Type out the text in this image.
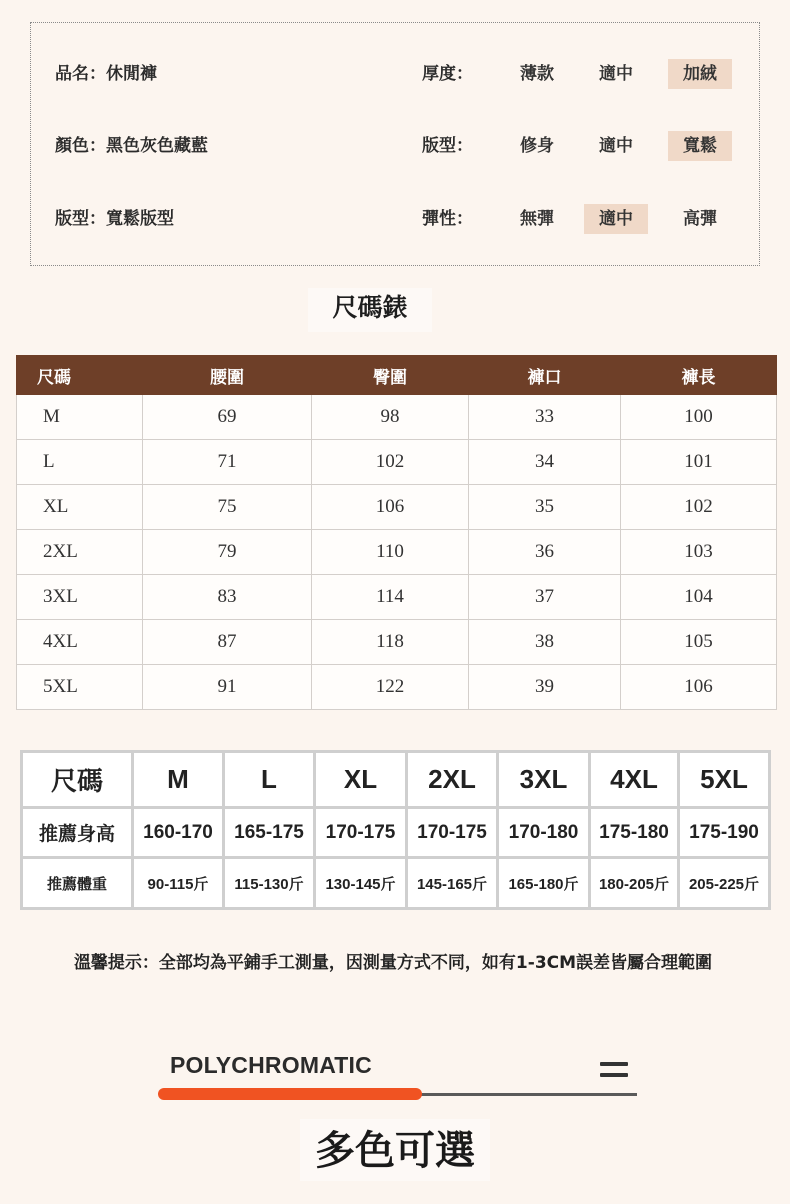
品名：休閒褲
顏色：黑色灰色藏藍
版型：寬鬆版型
厚度：	薄款	適中	加絨
版型：	修身	適中	寬鬆
彈性：	無彈	適中	高彈
尺碼錶
尺碼	腰圍	臀圍	褲口	褲長
M	69	98	33	100
L	71	102	34	101
XL	75	106	35	102
2XL	79	110	36	103
3XL	83	114	37	104
4XL	87	118	38	105
5XL	91	122	39	106
尺碼	M	L	XL	2XL	3XL	4XL	5XL
推薦身高	160-170	165-175	170-175	170-175	170-180	175-180	175-190
推薦體重	90-115斤	115-130斤	130-145斤	145-165斤	165-180斤	180-205斤	205-225斤
溫馨提示：全部均為平鋪手工測量，因測量方式不同，如有1-3CM誤差皆屬合理範圍
POLYCHROMATIC
多色可選
